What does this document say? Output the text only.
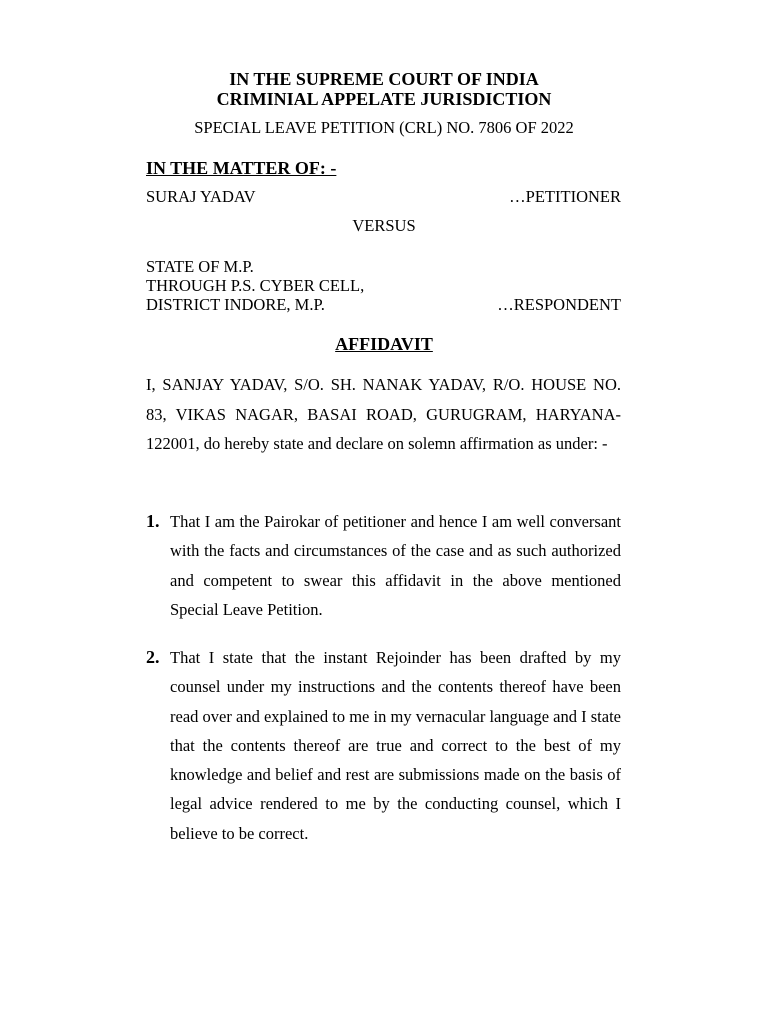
IN THE SUPREME COURT OF INDIA
CRIMINIAL APPELATE JURISDICTION
SPECIAL LEAVE PETITION (CRL) NO. 7806 OF 2022
IN THE MATTER OF: -
SURAJ YADAV	…PETITIONER
VERSUS
STATE OF M.P.
THROUGH P.S. CYBER CELL,
DISTRICT INDORE, M.P.	…RESPONDENT
AFFIDAVIT

I, SANJAY YADAV, S/O. SH. NANAK YADAV, R/O. HOUSE NO. 83, VIKAS NAGAR, BASAI ROAD, GURUGRAM, HARYANA-122001, do hereby state and declare on solemn affirmation as under: -

1. That I am the Pairokar of petitioner and hence I am well conversant with the facts and circumstances of the case and as such authorized and competent to swear this affidavit in the above mentioned Special Leave Petition.
2. That I state that the instant Rejoinder has been drafted by my counsel under my instructions and the contents thereof have been read over and explained to me in my vernacular language and I state that the contents thereof are true and correct to the best of my knowledge and belief and rest are submissions made on the basis of legal advice rendered to me by the conducting counsel, which I believe to be correct.
